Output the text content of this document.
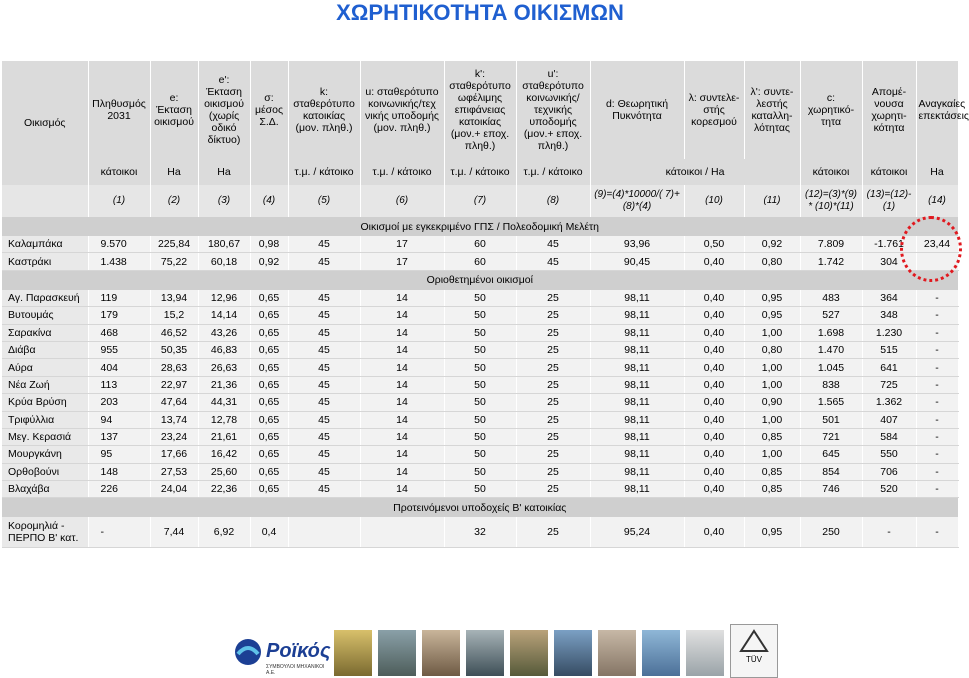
ΧΩΡΗΤΙΚΟΤΗΤΑ ΟΙΚΙΣΜΩΝ
Οικισμός	Πληθυσμός 2031	e: Έκταση οικισμού	e': Έκταση οικισμού (χωρίς οδικό δίκτυο)	σ: μέσος Σ.Δ.	k: σταθερότυπο κατοικίας (μον. πληθ.)	u: σταθερότυπο κοινωνικής/τεχ νικής υποδομής (μον. πληθ.)	k': σταθερότυπο ωφέλιμης επιφάνειας κατοικίας (μον.+ εποχ. πληθ.)	u': σταθερότυπο κοινωνικής/ τεχνικής υποδομής (μον.+ εποχ. πληθ.)	d: Θεωρητική Πυκνότητα	λ: συντελε- στής κορεσμού	λ': συντε- λεστής καταλλη- λότητας	c: χωρητικό- τητα	Απομέ- νουσα χωρητι- κότητα	Αναγκαίες επεκτάσεις
	κάτοικοι	Ha	Ha		τ.μ. / κάτοικο	τ.μ. / κάτοικο	τ.μ. / κάτοικο	τ.μ. / κάτοικο	κάτοικοι / Ha			κάτοικοι	κάτοικοι	Ha
	(1)	(2)	(3)	(4)	(5)	(6)	(7)	(8)	(9)=(4)*10000/( 7)+(8)*(4)	(10)	(11)	(12)=(3)*(9) * (10)*(11)	(13)=(12)-(1)	(14)
Οικισμοί με εγκεκριμένο ΓΠΣ / Πολεοδομική Μελέτη														
Καλαμπάκα	9.570	225,84	180,67	0,98	45	17	60	45	93,96	0,50	0,92	7.809	-1.761	23,44
Καστράκι	1.438	75,22	60,18	0,92	45	17	60	45	90,45	0,40	0,80	1.742	304	
Οριοθετημένοι οικισμοί														
Αγ. Παρασκευή	119	13,94	12,96	0,65	45	14	50	25	98,11	0,40	0,95	483	364	-
Βυτουμάς	179	15,2	14,14	0,65	45	14	50	25	98,11	0,40	0,95	527	348	-
Σαρακίνα	468	46,52	43,26	0,65	45	14	50	25	98,11	0,40	1,00	1.698	1.230	-
Διάβα	955	50,35	46,83	0,65	45	14	50	25	98,11	0,40	0,80	1.470	515	-
Αύρα	404	28,63	26,63	0,65	45	14	50	25	98,11	0,40	1,00	1.045	641	-
Νέα Ζωή	113	22,97	21,36	0,65	45	14	50	25	98,11	0,40	1,00	838	725	-
Κρύα Βρύση	203	47,64	44,31	0,65	45	14	50	25	98,11	0,40	0,90	1.565	1.362	-
Τριφύλλια	94	13,74	12,78	0,65	45	14	50	25	98,11	0,40	1,00	501	407	-
Μεγ. Κερασιά	137	23,24	21,61	0,65	45	14	50	25	98,11	0,40	0,85	721	584	-
Μουργκάνη	95	17,66	16,42	0,65	45	14	50	25	98,11	0,40	1,00	645	550	-
Ορθοβούνι	148	27,53	25,60	0,65	45	14	50	25	98,11	0,40	0,85	854	706	-
Βλαχάβα	226	24,04	22,36	0,65	45	14	50	25	98,11	0,40	0,85	746	520	-
Προτεινόμενοι υποδοχείς Β' κατοικίας														
Κορομηλιά - ΠΕΡΠΟ Β' κατ.	-	7,44	6,92	0,4			32	25	95,24	0,40	0,95	250	-	-
Ροϊκός
ΣΥΜΒΟΥΛΟΙ ΜΗΧΑΝΙΚΟΙ Α.Ε.
TÜV
